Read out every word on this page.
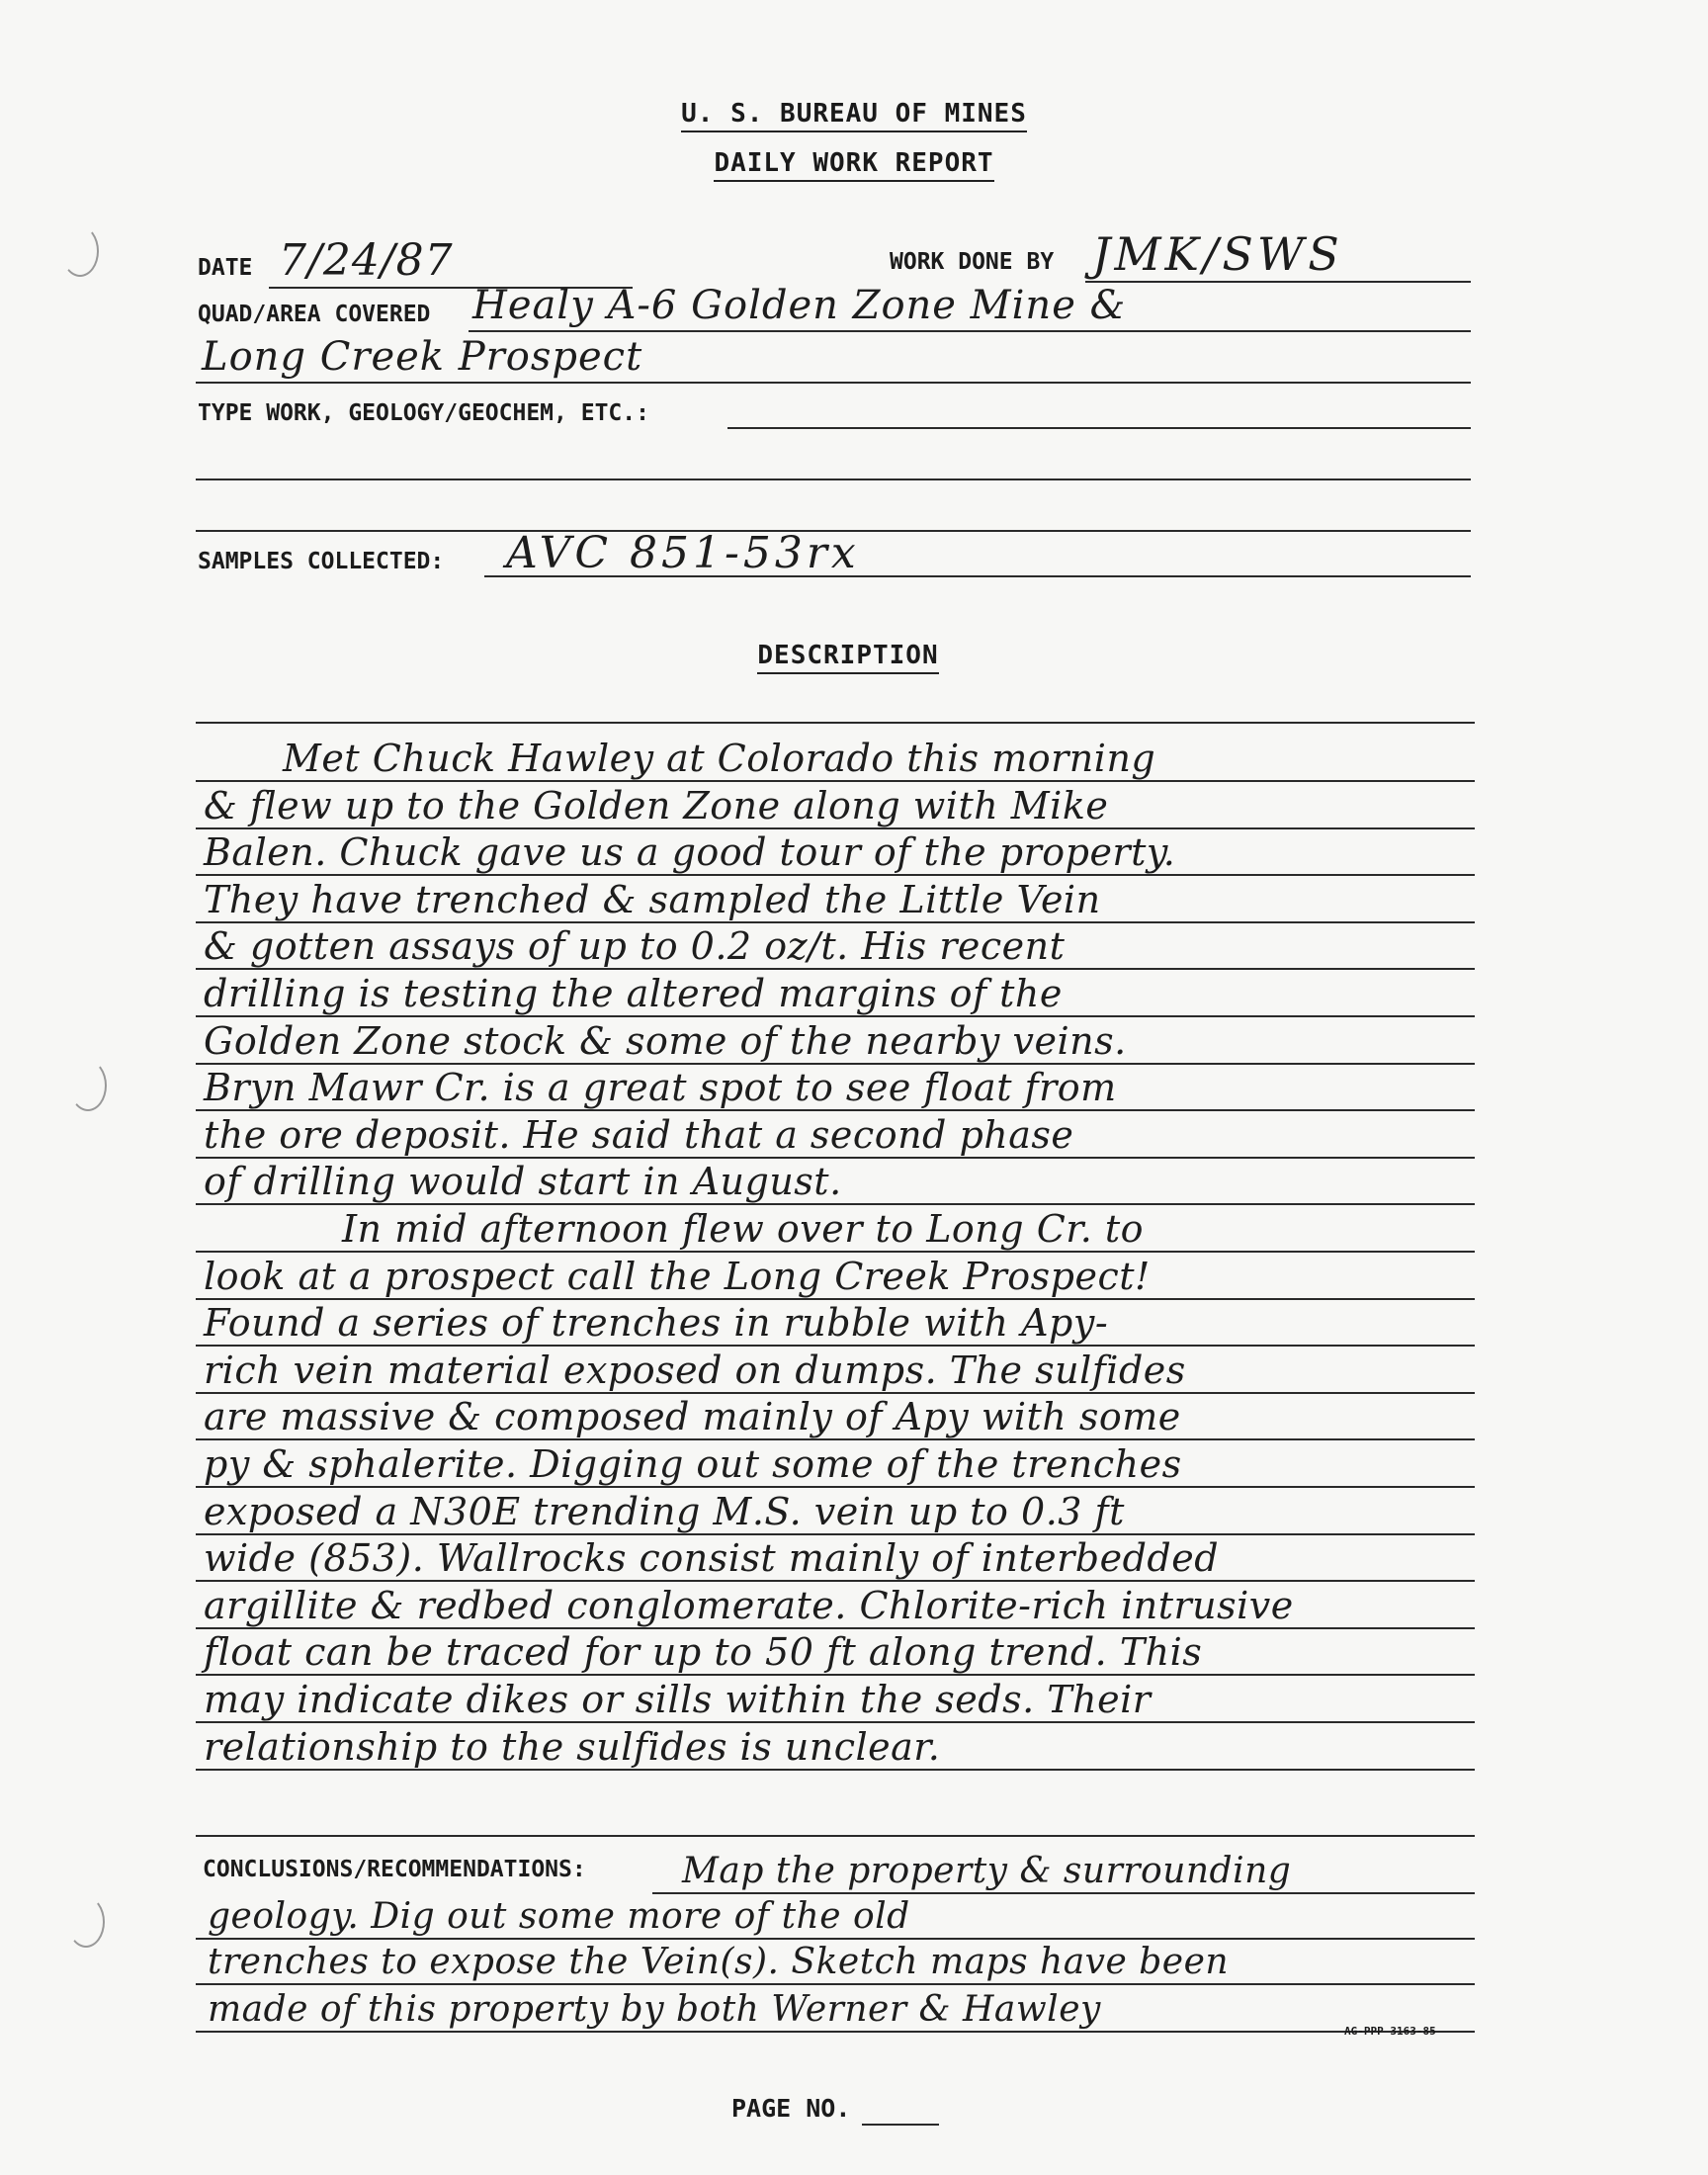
U. S. BUREAU OF MINES
DAILY WORK REPORT
DATE 7/24/87	WORK DONE BY JMK/SWS
QUAD/AREA COVERED Healy A-6 Golden Zone Mine &
Long Creek Prospect
TYPE WORK, GEOLOGY/GEOCHEM, ETC.:
SAMPLES COLLECTED: AVC 851-53rx
DESCRIPTION
Met Chuck Hawley at Colorado this morning
& flew up to the Golden Zone along with Mike
Balen. Chuck gave us a good tour of the property.
They have trenched & sampled the Little Vein
& gotten assays of up to 0.2 oz/t. His recent
drilling is testing the altered margins of the
Golden Zone stock & some of the nearby veins.
Bryn Mawr Cr. is a great spot to see float from
the ore deposit. He said that a second phase
of drilling would start in August.
In mid afternoon flew over to Long Cr. to
look at a prospect call the Long Creek Prospect!
Found a series of trenches in rubble with Apy-
rich vein material exposed on dumps. The sulfides
are massive & composed mainly of Apy with some
py & sphalerite. Digging out some of the trenches
exposed a N30E trending M.S. vein up to 0.3 ft
wide (853). Wallrocks consist mainly of interbedded
argillite & redbed conglomerate. Chlorite-rich intrusive
float can be traced for up to 50 ft along trend. This
may indicate dikes or sills within the seds. Their
relationship to the sulfides is unclear.
CONCLUSIONS/RECOMMENDATIONS:	Map the property & surrounding
geology. Dig out some more of the old
trenches to expose the Vein(s). Sketch maps have been
made of this property by both Werner & Hawley
AG-PPP 3163-85
PAGE NO.
